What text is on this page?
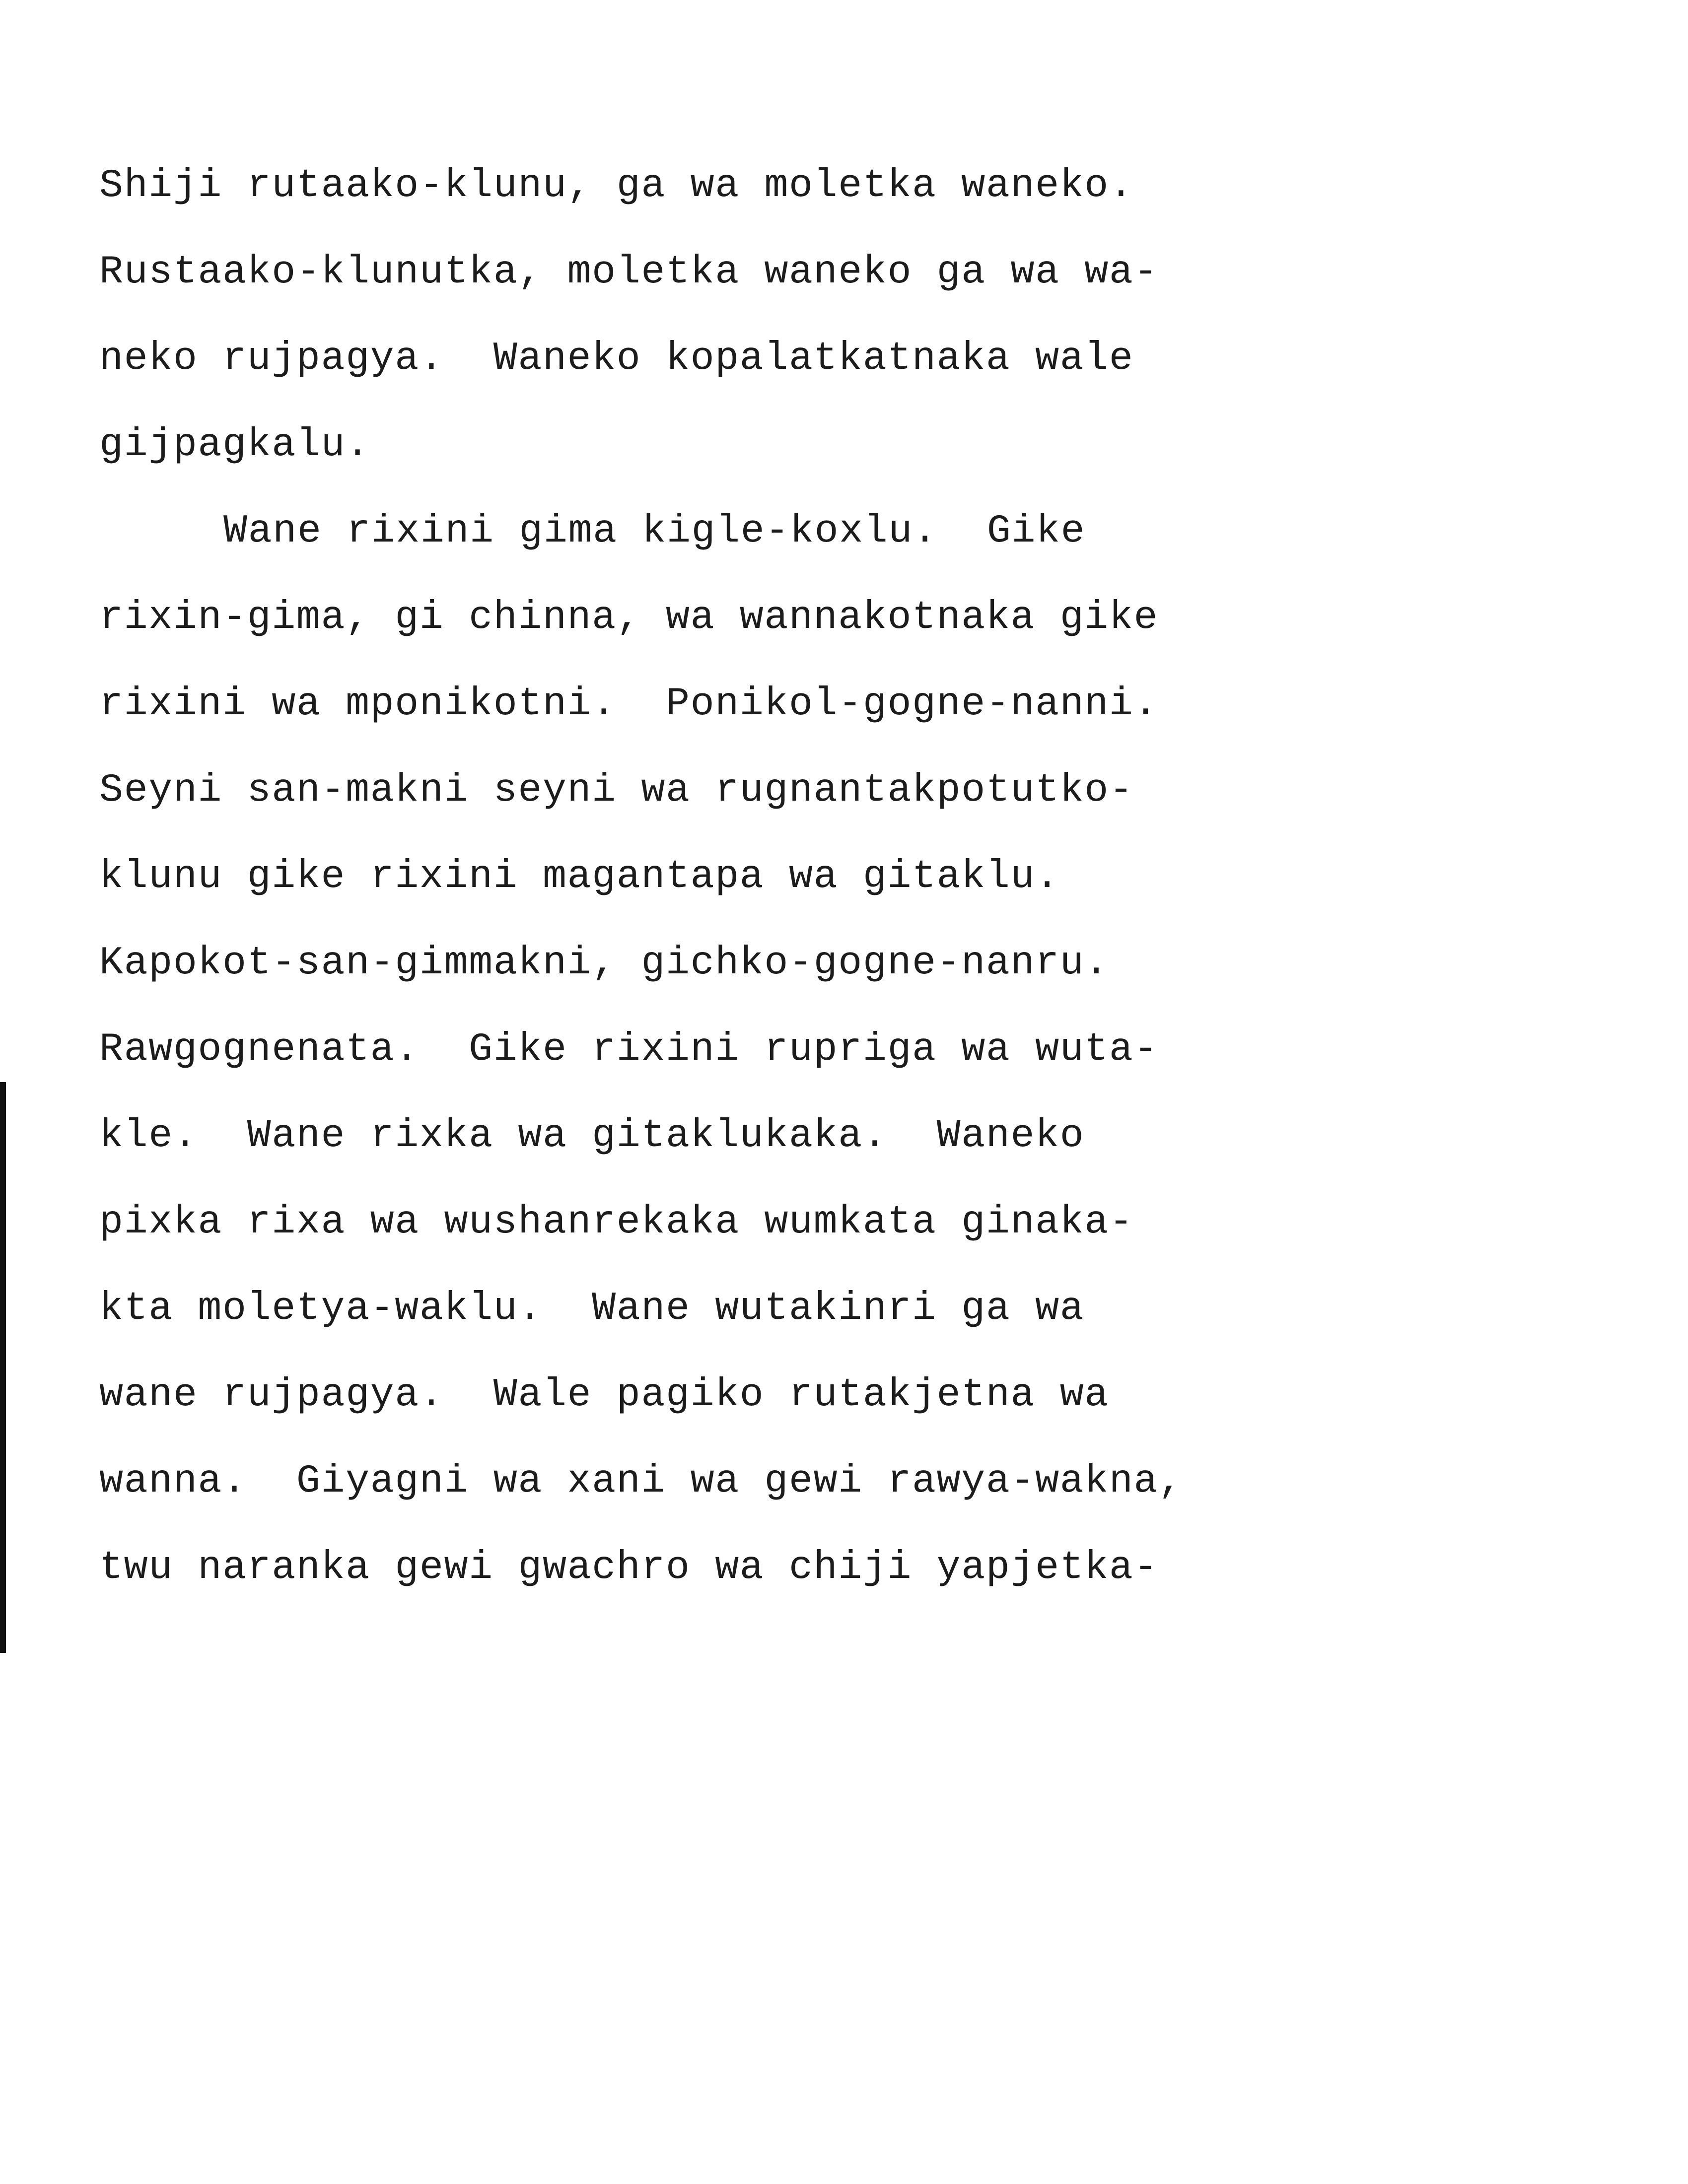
Shiji rutaako-klunu, ga wa moletka waneko.
Rustaako-klunutka, moletka waneko ga wa wa-
neko rujpagya.  Waneko kopalatkatnaka wale
gijpagkalu.
Wane rixini gima kigle-koxlu.  Gike
rixin-gima, gi chinna, wa wannakotnaka gike
rixini wa mponikotni.  Ponikol-gogne-nanni.
Seyni san-makni seyni wa rugnantakpotutko-
klunu gike rixini magantapa wa gitaklu.
Kapokot-san-gimmakni, gichko-gogne-nanru.
Rawgognenata.  Gike rixini rupriga wa wuta-
kle.  Wane rixka wa gitaklukaka.  Waneko
pixka rixa wa wushanrekaka wumkata ginaka-
kta moletya-waklu.  Wane wutakinri ga wa
wane rujpagya.  Wale pagiko rutakjetna wa
wanna.  Giyagni wa xani wa gewi rawya-wakna,
twu naranka gewi gwachro wa chiji yapjetka-
